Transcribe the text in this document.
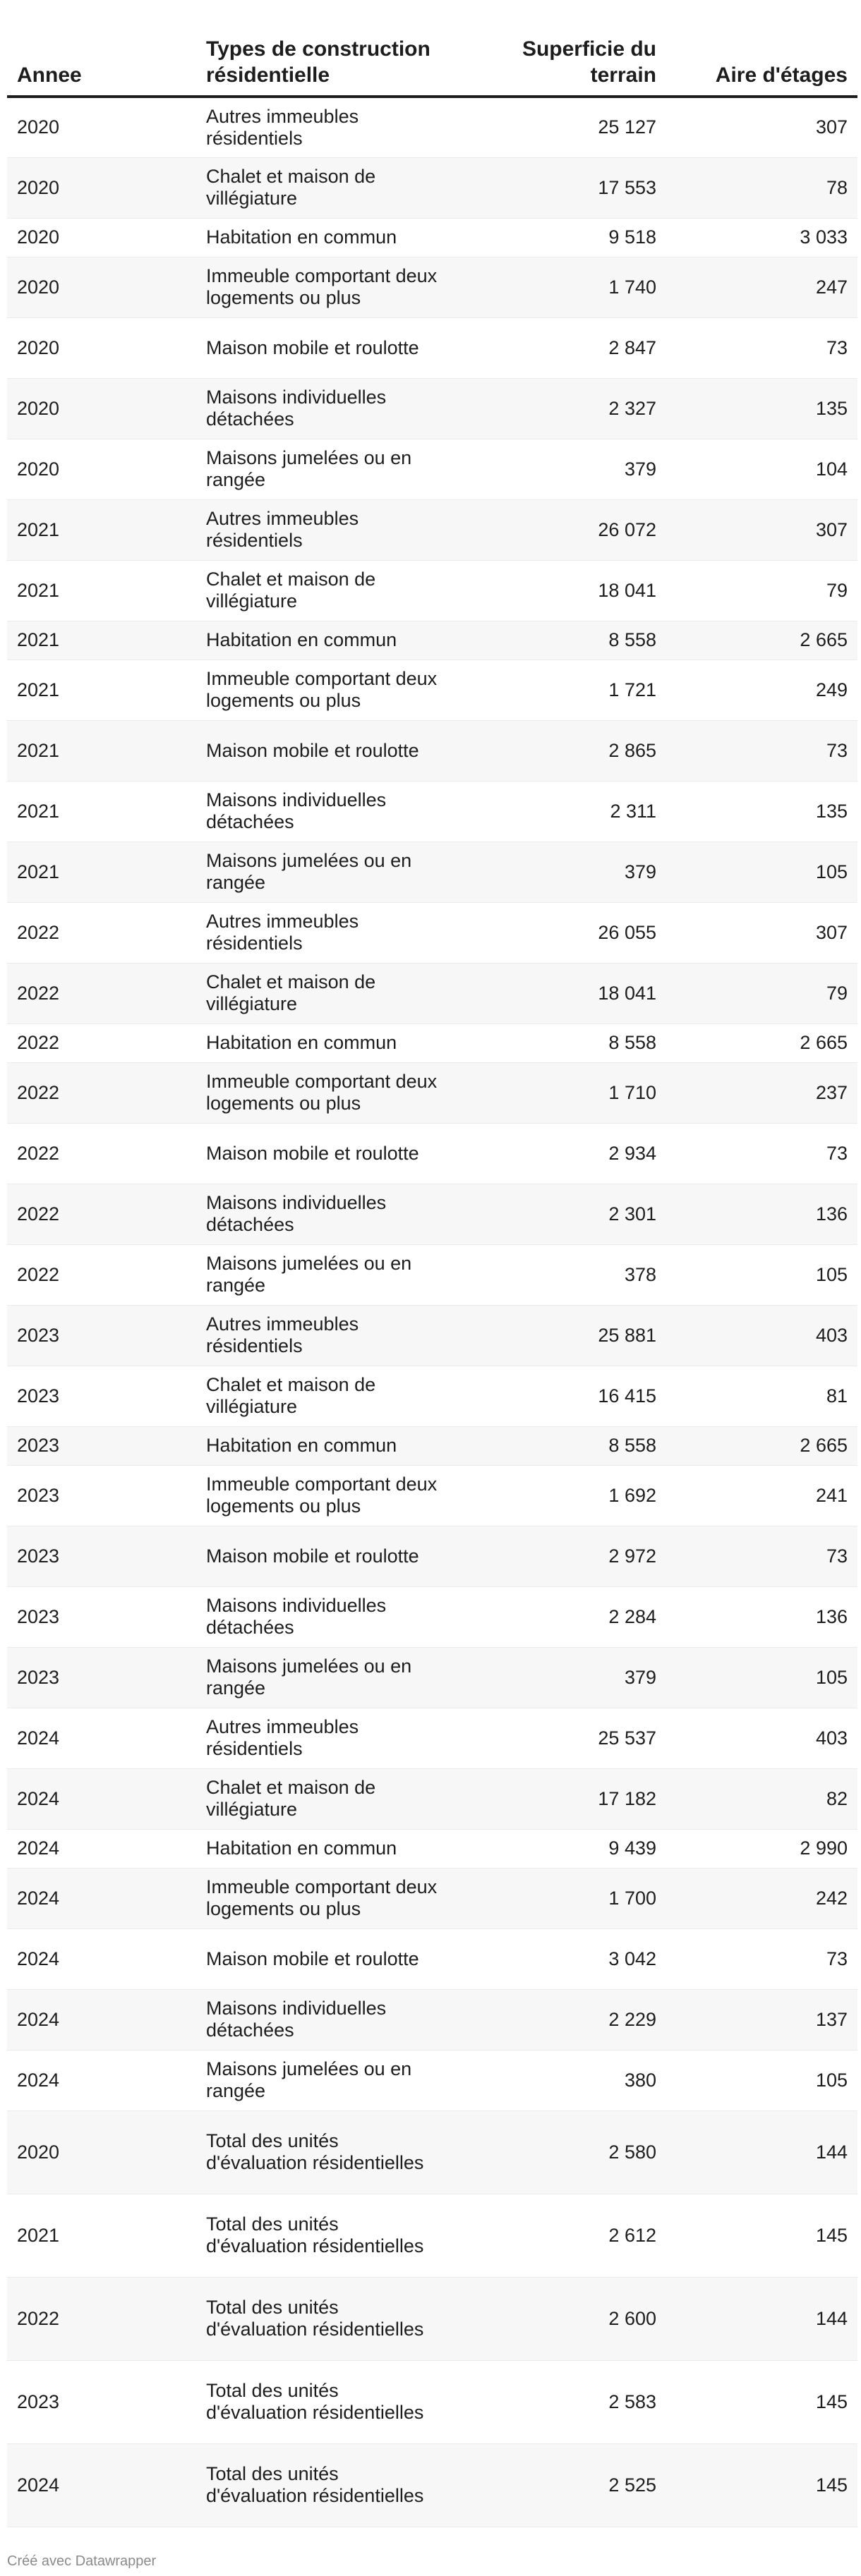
Annee	Types de construction résidentielle	Superficie du terrain	Aire d'étages
2020	Autres immeubles résidentiels	25 127	307
2020	Chalet et maison de villégiature	17 553	78
2020	Habitation en commun	9 518	3 033
2020	Immeuble comportant deux logements ou plus	1 740	247
2020	Maison mobile et roulotte	2 847	73
2020	Maisons individuelles détachées	2 327	135
2020	Maisons jumelées ou en rangée	379	104
2021	Autres immeubles résidentiels	26 072	307
2021	Chalet et maison de villégiature	18 041	79
2021	Habitation en commun	8 558	2 665
2021	Immeuble comportant deux logements ou plus	1 721	249
2021	Maison mobile et roulotte	2 865	73
2021	Maisons individuelles détachées	2 311	135
2021	Maisons jumelées ou en rangée	379	105
2022	Autres immeubles résidentiels	26 055	307
2022	Chalet et maison de villégiature	18 041	79
2022	Habitation en commun	8 558	2 665
2022	Immeuble comportant deux logements ou plus	1 710	237
2022	Maison mobile et roulotte	2 934	73
2022	Maisons individuelles détachées	2 301	136
2022	Maisons jumelées ou en rangée	378	105
2023	Autres immeubles résidentiels	25 881	403
2023	Chalet et maison de villégiature	16 415	81
2023	Habitation en commun	8 558	2 665
2023	Immeuble comportant deux logements ou plus	1 692	241
2023	Maison mobile et roulotte	2 972	73
2023	Maisons individuelles détachées	2 284	136
2023	Maisons jumelées ou en rangée	379	105
2024	Autres immeubles résidentiels	25 537	403
2024	Chalet et maison de villégiature	17 182	82
2024	Habitation en commun	9 439	2 990
2024	Immeuble comportant deux logements ou plus	1 700	242
2024	Maison mobile et roulotte	3 042	73
2024	Maisons individuelles détachées	2 229	137
2024	Maisons jumelées ou en rangée	380	105
2020	Total des unités d'évaluation résidentielles	2 580	144
2021	Total des unités d'évaluation résidentielles	2 612	145
2022	Total des unités d'évaluation résidentielles	2 600	144
2023	Total des unités d'évaluation résidentielles	2 583	145
2024	Total des unités d'évaluation résidentielles	2 525	145
Créé avec Datawrapper
